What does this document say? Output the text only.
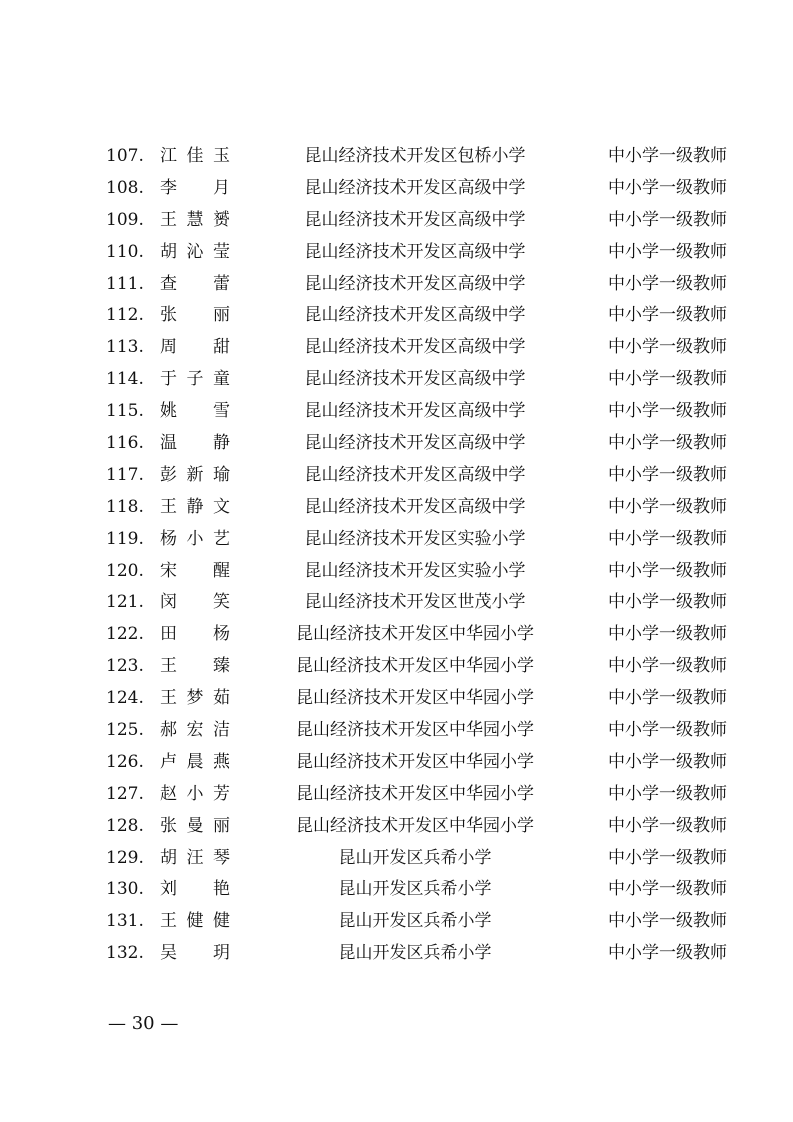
107. 江佳玉	昆山经济技术开发区包桥小学	中小学一级教师
108. 李月	昆山经济技术开发区高级中学	中小学一级教师
109. 王慧赟	昆山经济技术开发区高级中学	中小学一级教师
110. 胡沁莹	昆山经济技术开发区高级中学	中小学一级教师
111. 查蕾	昆山经济技术开发区高级中学	中小学一级教师
112. 张丽	昆山经济技术开发区高级中学	中小学一级教师
113. 周甜	昆山经济技术开发区高级中学	中小学一级教师
114. 于子童	昆山经济技术开发区高级中学	中小学一级教师
115. 姚雪	昆山经济技术开发区高级中学	中小学一级教师
116. 温静	昆山经济技术开发区高级中学	中小学一级教师
117. 彭新瑜	昆山经济技术开发区高级中学	中小学一级教师
118. 王静文	昆山经济技术开发区高级中学	中小学一级教师
119. 杨小艺	昆山经济技术开发区实验小学	中小学一级教师
120. 宋醒	昆山经济技术开发区实验小学	中小学一级教师
121. 闵笑	昆山经济技术开发区世茂小学	中小学一级教师
122. 田杨	昆山经济技术开发区中华园小学	中小学一级教师
123. 王臻	昆山经济技术开发区中华园小学	中小学一级教师
124. 王梦茹	昆山经济技术开发区中华园小学	中小学一级教师
125. 郝宏洁	昆山经济技术开发区中华园小学	中小学一级教师
126. 卢晨燕	昆山经济技术开发区中华园小学	中小学一级教师
127. 赵小芳	昆山经济技术开发区中华园小学	中小学一级教师
128. 张曼丽	昆山经济技术开发区中华园小学	中小学一级教师
129. 胡汪琴	昆山开发区兵希小学	中小学一级教师
130. 刘艳	昆山开发区兵希小学	中小学一级教师
131. 王健健	昆山开发区兵希小学	中小学一级教师
132. 吴玥	昆山开发区兵希小学	中小学一级教师
— 30 —
